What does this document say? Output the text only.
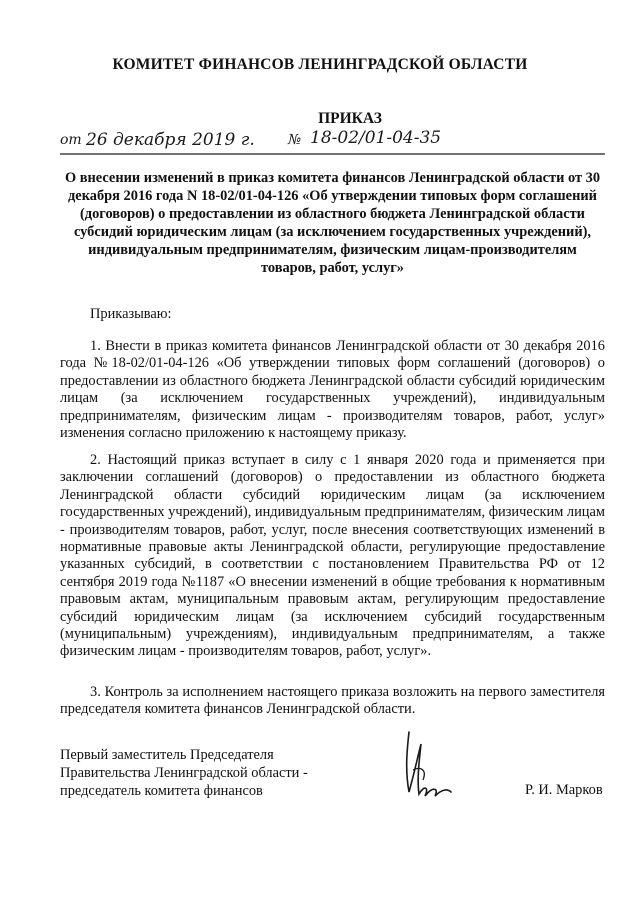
КОМИТЕТ ФИНАНСОВ ЛЕНИНГРАДСКОЙ ОБЛАСТИ
ПРИКАЗ
от 26 декабря 2019 г. № 18-02/01-04-35
О внесении изменений в приказ комитета финансов Ленинградской области от 30 декабря 2016 года N 18-02/01-04-126 «Об утверждении типовых форм соглашений (договоров) о предоставлении из областного бюджета Ленинградской области субсидий юридическим лицам (за исключением государственных учреждений), индивидуальным предпринимателям, физическим лицам-производителям товаров, работ, услуг»
Приказываю:
1. Внести в приказ комитета финансов Ленинградской области от 30 декабря 2016 года №18-02/01-04-126 «Об утверждении типовых форм соглашений (договоров) о предоставлении из областного бюджета Ленинградской области субсидий юридическим лицам (за исключением государственных учреждений), индивидуальным предпринимателям, физическим лицам - производителям товаров, работ, услуг» изменения согласно приложению к настоящему приказу.
2. Настоящий приказ вступает в силу с 1 января 2020 года и применяется при заключении соглашений (договоров) о предоставлении из областного бюджета Ленинградской области субсидий юридическим лицам (за исключением государственных учреждений), индивидуальным предпринимателям, физическим лицам - производителям товаров, работ, услуг, после внесения соответствующих изменений в нормативные правовые акты Ленинградской области, регулирующие предоставление указанных субсидий, в соответствии с постановлением Правительства РФ от 12 сентября 2019 года №1187 «О внесении изменений в общие требования к нормативным правовым актам, муниципальным правовым актам, регулирующим предоставление субсидий юридическим лицам (за исключением субсидий государственным (муниципальным) учреждениям), индивидуальным предпринимателям, а также физическим лицам - производителям товаров, работ, услуг».
3. Контроль за исполнением настоящего приказа возложить на первого заместителя председателя комитета финансов Ленинградской области.
Первый заместитель Председателя
Правительства Ленинградской области -
председатель комитета финансов	Р. И. Марков
